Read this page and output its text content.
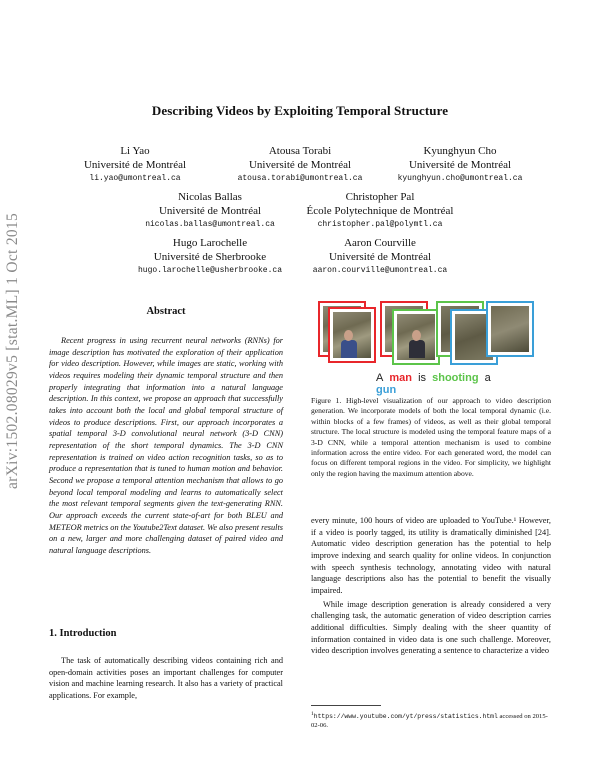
arXiv:1502.08029v5 [stat.ML] 1 Oct 2015
Describing Videos by Exploiting Temporal Structure
Li Yao
Université de Montréal
li.yao@umontreal.ca
Atousa Torabi
Université de Montréal
atousa.torabi@umontreal.ca
Kyunghyun Cho
Université de Montréal
kyunghyun.cho@umontreal.ca
Nicolas Ballas
Université de Montréal
nicolas.ballas@umontreal.ca
Christopher Pal
École Polytechnique de Montréal
christopher.pal@polymtl.ca
Hugo Larochelle
Université de Sherbrooke
hugo.larochelle@usherbrooke.ca
Aaron Courville
Université de Montréal
aaron.courville@umontreal.ca
Abstract

Recent progress in using recurrent neural networks (RNNs) for image description has motivated the exploration of their application for video description. However, while images are static, working with videos requires modeling their dynamic temporal structure and then properly integrating that information into a natural language description. In this context, we propose an approach that successfully takes into account both the local and global temporal structure of videos to produce descriptions. First, our approach incorporates a spatial temporal 3-D convolutional neural network (3-D CNN) representation of the short temporal dynamics. The 3-D CNN representation is trained on video action recognition tasks, so as to produce a representation that is tuned to human motion and behavior. Second we propose a temporal attention mechanism that allows to go beyond local temporal modeling and learns to automatically select the most relevant temporal segments given the text-generating RNN. Our approach exceeds the current state-of-art for both BLEU and METEOR metrics on the Youtube2Text dataset. We also present results on a new, larger and more challenging dataset of paired video and natural language descriptions.

1. Introduction

The task of automatically describing videos containing rich and open-domain activities poses an important challenges for computer vision and machine learning research. It also has a variety of practical applications. For example,

A man is shooting a gun
Figure 1. High-level visualization of our approach to video description generation. We incorporate models of both the local temporal dynamic (i.e. within blocks of a few frames) of videos, as well as their global temporal structure. The local structure is modeled using the temporal feature maps of a 3-D CNN, while a temporal attention mechanism is used to combine information across the entire video. For each generated word, the model can focus on different temporal regions in the video. For simplicity, we highlight only the region having the maximum attention above.

every minute, 100 hours of video are uploaded to YouTube.¹ However, if a video is poorly tagged, its utility is dramatically diminished [24]. Automatic video description generation has the potential to help improve indexing and search quality for online videos. In conjunction with speech synthesis technology, annotating video with natural language descriptions also has the potential to benefit the visually impaired.

While image description generation is already considered a very challenging task, the automatic generation of video description carries additional difficulties. Simply dealing with the sheer quantity of information contained in video data is one such challenge. Moreover, video description involves generating a sentence to characterize a video

$^1$https://www.youtube.com/yt/press/statistics.html accessed on 2015-02-06.
